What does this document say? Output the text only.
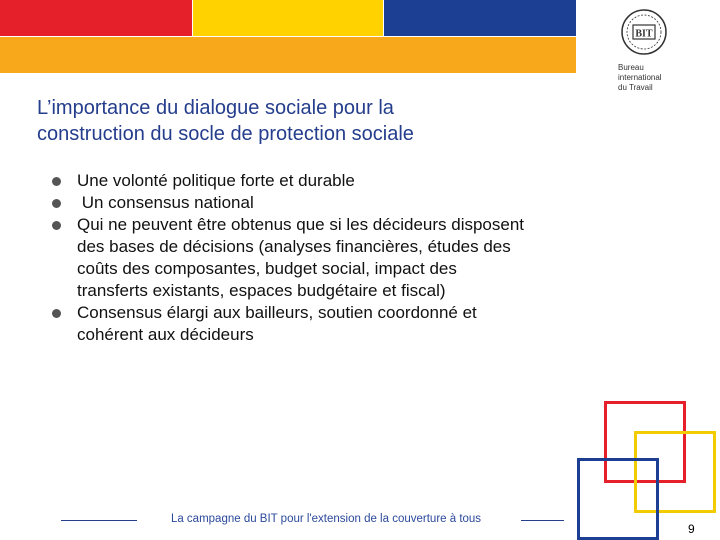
BIT
Bureau
international
du Travail
L’importance du dialogue sociale pour la
construction du socle de protection sociale
Une volonté politique forte et durable
Un consensus national
Qui ne peuvent être obtenus que si les décideurs disposent
des bases de décisions (analyses financières, études des
coûts des composantes, budget social, impact des
transferts existants, espaces budgétaire et fiscal)
Consensus élargi aux bailleurs, soutien coordonné et
cohérent aux décideurs
La campagne du BIT pour l'extension de la couverture à tous
9
